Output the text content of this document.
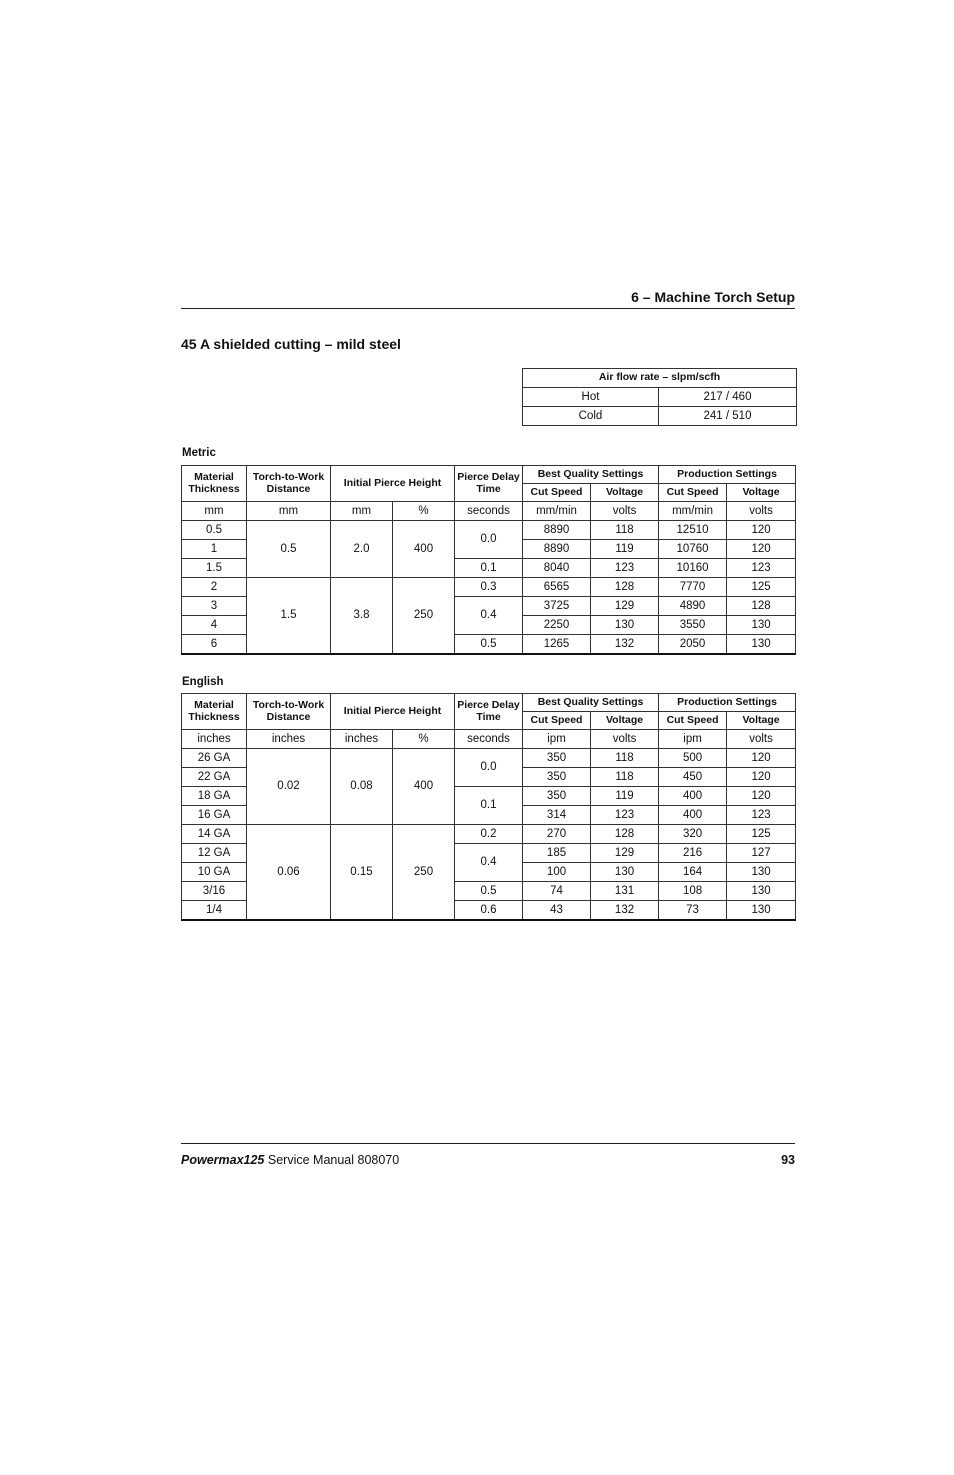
6 – Machine Torch Setup
45 A shielded cutting – mild steel
Air flow rate – slpm/scfh	
Hot	217 / 460
Cold	241 / 510
Metric
Material Thickness	Torch-to-Work Distance	Initial Pierce Height		Pierce Delay Time	Best Quality Settings		Production Settings	
					Cut Speed	Voltage	Cut Speed	Voltage
mm	mm	mm	%	seconds	mm/min	volts	mm/min	volts
0.5	0.5	2.0	400	0.0	8890	118	12510	120
1					8890	119	10760	120
1.5				0.1	8040	123	10160	123
2	1.5	3.8	250	0.3	6565	128	7770	125
3				0.4	3725	129	4890	128
4					2250	130	3550	130
6				0.5	1265	132	2050	130
English
Material Thickness	Torch-to-Work Distance	Initial Pierce Height		Pierce Delay Time	Best Quality Settings		Production Settings	
					Cut Speed	Voltage	Cut Speed	Voltage
inches	inches	inches	%	seconds	ipm	volts	ipm	volts
26 GA	0.02	0.08	400	0.0	350	118	500	120
22 GA					350	118	450	120
18 GA				0.1	350	119	400	120
16 GA					314	123	400	123
14 GA	0.06	0.15	250	0.2	270	128	320	125
12 GA				0.4	185	129	216	127
10 GA					100	130	164	130
3/16				0.5	74	131	108	130
1/4				0.6	43	132	73	130
Powermax125 Service Manual 808070	93
